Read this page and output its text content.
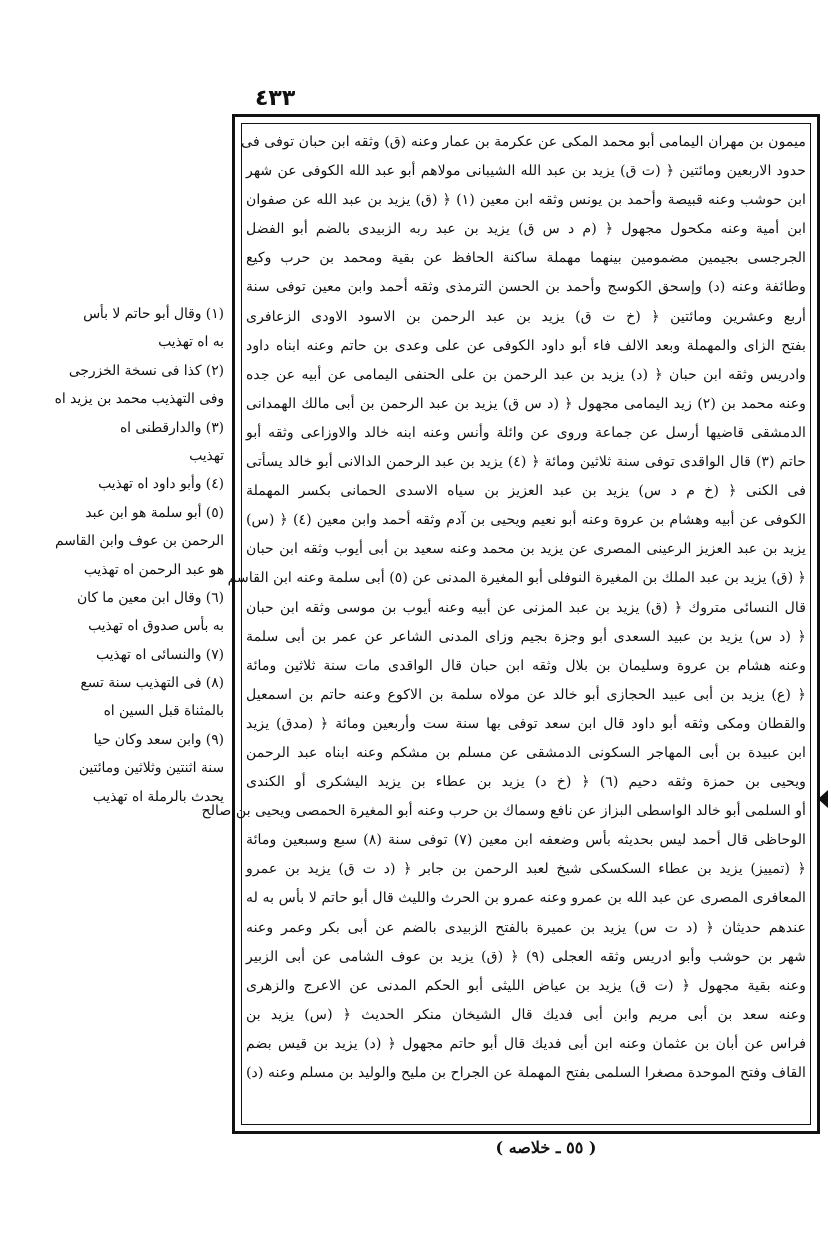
٤٣٣
ميمون بن مهران اليمامى أبو محمد المكى عن عكرمة بن عمار وعنه (ق) وثقه ابن حبان توفى فى
حدود الاربعين ومائتين ﴿ (ت ق) يزيد بن عبد الله الشيبانى مولاهم أبو عبد الله الكوفى عن شهر
ابن حوشب وعنه قبيصة وأحمد بن يونس وثقه ابن معين (١) ﴿ (ق) يزيد بن عبد الله عن صفوان
ابن أمية وعنه مكحول مجهول ﴿ (م د س ق) يزيد بن عبد ربه الزبيدى بالضم أبو الفضل
الجرجسى بجيمين مضمومين بينهما مهملة ساكنة الحافظ عن بقية ومحمد بن حرب وكيع
وطائفة وعنه (د) وإسحق الكوسج وأحمد بن الحسن الترمذى وثقه أحمد وابن معين توفى سنة
أربع وعشرين ومائتين ﴿ (خ ت ق) يزيد بن عبد الرحمن بن الاسود الاودى الزعافرى
بفتح الزاى والمهملة وبعد الالف فاء أبو داود الكوفى عن على وعدى بن حاتم وعنه ابناه داود
وادريس وثقه ابن حبان ﴿ (د) يزيد بن عبد الرحمن بن على الحنفى اليمامى عن أبيه عن جده
وعنه محمد بن (٢) زيد اليمامى مجهول ﴿ (د س ق) يزيد بن عبد الرحمن بن أبى مالك الهمدانى
الدمشقى قاضيها أرسل عن جماعة وروى عن وائلة وأنس وعنه ابنه خالد والاوزاعى وثقه أبو
حاتم (٣) قال الواقدى توفى سنة ثلاثين ومائة ﴿ (٤) يزيد بن عبد الرحمن الدالانى أبو خالد يسأتى
فى الكنى ﴿ (خ م د س) يزيد بن عبد العزيز بن سياه الاسدى الحمانى بكسر المهملة
الكوفى عن أبيه وهشام بن عروة وعنه أبو نعيم ويحيى بن آدم وثقه أحمد وابن معين (٤) ﴿ (س)
يزيد بن عبد العزيز الرعينى المصرى عن يزيد بن محمد وعنه سعيد بن أبى أيوب وثقه ابن حبان
﴿ (ق) يزيد بن عبد الملك بن المغيرة النوفلى أبو المغيرة المدنى عن (٥) أبى سلمة وعنه ابن القاسم
قال النسائى متروك ﴿ (ق) يزيد بن عبد المزنى عن أبيه وعنه أيوب بن موسى وثقه ابن حبان
﴿ (د س) يزيد بن عبيد السعدى أبو وجزة بجيم وزاى المدنى الشاعر عن عمر بن أبى سلمة
وعنه هشام بن عروة وسليمان بن بلال وثقه ابن حبان قال الواقدى مات سنة ثلاثين ومائة
﴿ (ع) يزيد بن أبى عبيد الحجازى أبو خالد عن مولاه سلمة بن الاكوع وعنه حاتم بن اسمعيل
والقطان ومكى وثقه أبو داود قال ابن سعد توفى بها سنة ست وأربعين ومائة ﴿ (مدق) يزيد
ابن عبيدة بن أبى المهاجر السكونى الدمشقى عن مسلم بن مشكم وعنه ابناه عبد الرحمن
ويحيى بن حمزة وثقه دحيم (٦) ﴿ (خ د) يزيد بن عطاء بن يزيد اليشكرى أو الكندى
أو السلمى أبو خالد الواسطى البزاز عن نافع وسماك بن حرب وعنه أبو المغيرة الحمصى ويحيى بن صالح
الوحاظى قال أحمد ليس بحديثه بأس وضعفه ابن معين (٧) توفى سنة (٨) سبع وسبعين ومائة
﴿ (تمييز) يزيد بن عطاء السكسكى شيخ لعبد الرحمن بن جابر ﴿ (د ت ق) يزيد بن عمرو
المعافرى المصرى عن عبد الله بن عمرو وعنه عمرو بن الحرث والليث قال أبو حاتم لا بأس به له
عندهم حديثان ﴿ (د ت س) يزيد بن عميرة بالفتح الزبيدى بالضم عن أبى بكر وعمر وعنه
شهر بن حوشب وأبو ادريس وثقه العجلى (٩) ﴿ (ق) يزيد بن عوف الشامى عن أبى الزبير
وعنه بقية مجهول ﴿ (ت ق) يزيد بن عياض الليثى أبو الحكم المدنى عن الاعرج والزهرى
وعنه سعد بن أبى مريم وابن أبى فديك قال الشيخان منكر الحديث ﴿ (س) يزيد بن
فراس عن أبان بن عثمان وعنه ابن أبى فديك قال أبو حاتم مجهول ﴿ (د) يزيد بن قيس بضم
القاف وفتح الموحدة مصغرا السلمى بفتح المهملة عن الجراح بن مليح والوليد بن مسلم وعنه (د)
(١) وقال أبو حاتم لا بأس
به اه تهذيب
(٢) كذا فى نسخة الخزرجى
وفى التهذيب محمد بن يزيد اه
(٣) والدارقطنى اه
تهذيب
(٤) وأبو داود اه تهذيب
(٥) أبو سلمة هو ابن عبد
الرحمن بن عوف وابن القاسم
هو عبد الرحمن اه تهذيب
(٦) وقال ابن معين ما كان
به بأس صدوق اه تهذيب
(٧) والنسائى اه تهذيب
(٨) فى التهذيب سنة تسع
بالمثناة قبل السين اه
(٩) وابن سعد وكان حيا
سنة اثنتين وثلاثين ومائتين
يحدث بالرملة اه تهذيب
( ٥٥ ـ خلاصه )
